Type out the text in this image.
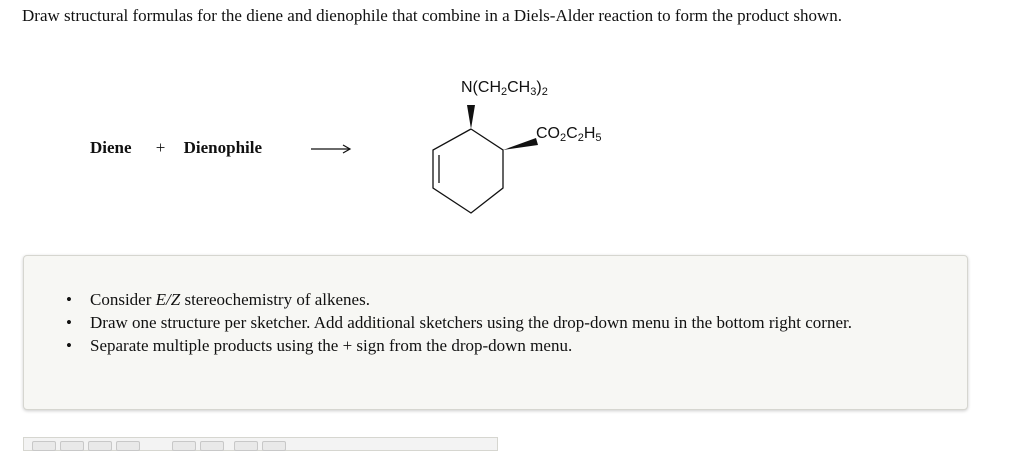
Draw structural formulas for the diene and dienophile that combine in a Diels-Alder reaction to form the product shown.
Diene + Dienophile
$N(CH_2CH_3)_2$
$CO_2C_2H_5$
• Consider E/Z stereochemistry of alkenes.
• Draw one structure per sketcher. Add additional sketchers using the drop-down menu in the bottom right corner.
• Separate multiple products using the + sign from the drop-down menu.
